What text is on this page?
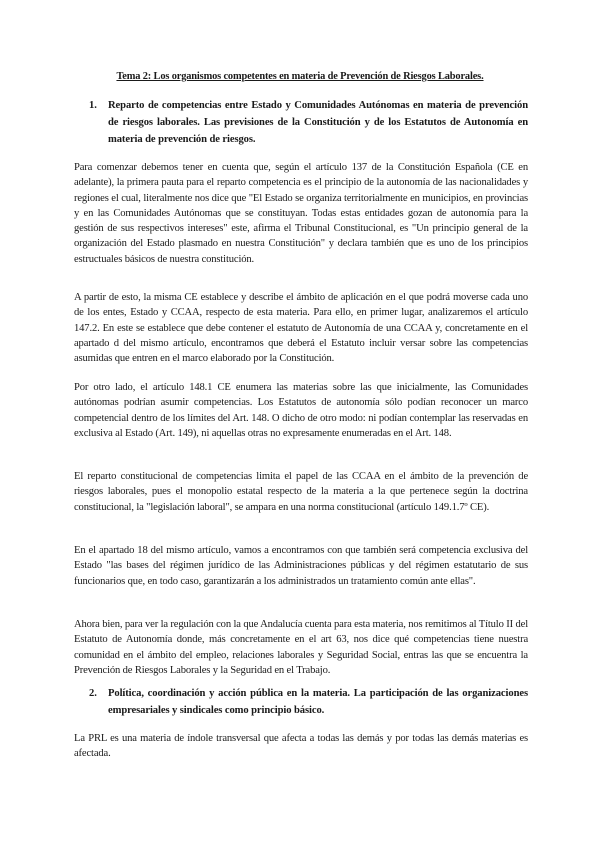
Tema 2: Los organismos competentes en materia de Prevención de Riesgos Laborales.
1. Reparto de competencias entre Estado y Comunidades Autónomas en materia de prevención de riesgos laborales. Las previsiones de la Constitución y de los Estatutos de Autonomía en materia de prevención de riesgos.

Para comenzar debemos tener en cuenta que, según el artículo 137 de la Constitución Española (CE en adelante), la primera pauta para el reparto competencia es el principio de la autonomía de las nacionalidades y regiones el cual, literalmente nos dice que "El Estado se organiza territorialmente en municipios, en provincias y en las Comunidades Autónomas que se constituyan. Todas estas entidades gozan de autonomía para la gestión de sus respectivos intereses" este, afirma el Tribunal Constitucional, es "Un principio general de la organización del Estado plasmado en nuestra Constitución" y declara también que es uno de los principios estructuales básicos de nuestra constitución.

A partir de esto, la misma CE establece y describe el ámbito de aplicación en el que podrá moverse cada uno de los entes, Estado y CCAA, respecto de esta materia. Para ello, en primer lugar, analizaremos el artículo 147.2. En este se establece que debe contener el estatuto de Autonomía de una CCAA y, concretamente en el apartado d del mismo artículo, encontramos que deberá el Estatuto incluir versar sobre las competencias asumidas que entren en el marco elaborado por la Constitución.

Por otro lado, el artículo 148.1 CE enumera las materias sobre las que inicialmente, las Comunidades autónomas podrían asumir competencias. Los Estatutos de autonomía sólo podían reconocer un marco competencial dentro de los límites del Art. 148. O dicho de otro modo: ni podían contemplar las reservadas en exclusiva al Estado (Art. 149), ni aquellas otras no expresamente enumeradas en el Art. 148.

El reparto constitucional de competencias limita el papel de las CCAA en el ámbito de la prevención de riesgos laborales, pues el monopolio estatal respecto de la materia a la que pertenece según la doctrina constitucional, la "legislación laboral", se ampara en una norma constitucional (artículo 149.1.7º CE).

En el apartado 18 del mismo artículo, vamos a encontramos con que también será competencia exclusiva del Estado "las bases del régimen jurídico de las Administraciones públicas y del régimen estatutario de sus funcionarios que, en todo caso, garantizarán a los administrados un tratamiento común ante ellas".

Ahora bien, para ver la regulación con la que Andalucía cuenta para esta materia, nos remitimos al Título II del Estatuto de Autonomía donde, más concretamente en el art 63, nos dice qué competencias tiene nuestra comunidad en el ámbito del empleo, relaciones laborales y Seguridad Social, entras las que se encuentra la Prevención de Riesgos Laborales y la Seguridad en el Trabajo.

2. Política, coordinación y acción pública en la materia. La participación de las organizaciones empresariales y sindicales como principio básico.

La PRL es una materia de índole transversal que afecta a todas las demás y por todas las demás materias es afectada.
